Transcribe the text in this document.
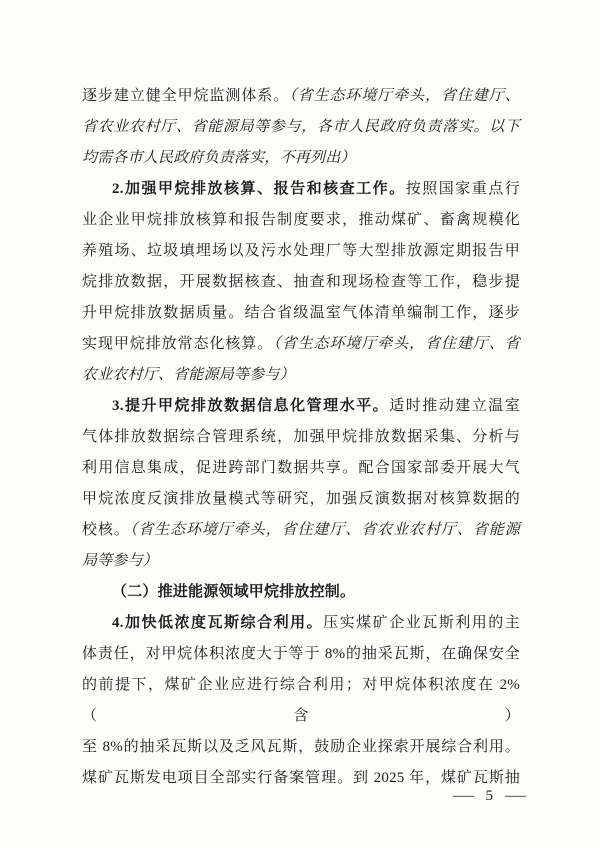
逐步建立健全甲烷监测体系。（省生态环境厅牵头，省住建厅、
省农业农村厅、省能源局等参与，各市人民政府负责落实。以下
均需各市人民政府负责落实，不再列出）
2.加强甲烷排放核算、报告和核查工作。按照国家重点行
业企业甲烷排放核算和报告制度要求，推动煤矿、畜禽规模化
养殖场、垃圾填埋场以及污水处理厂等大型排放源定期报告甲
烷排放数据，开展数据核查、抽查和现场检查等工作，稳步提
升甲烷排放数据质量。结合省级温室气体清单编制工作，逐步
实现甲烷排放常态化核算。（省生态环境厅牵头，省住建厅、省
农业农村厅、省能源局等参与）
3.提升甲烷排放数据信息化管理水平。适时推动建立温室
气体排放数据综合管理系统，加强甲烷排放数据采集、分析与
利用信息集成，促进跨部门数据共享。配合国家部委开展大气
甲烷浓度反演排放量模式等研究，加强反演数据对核算数据的
校核。（省生态环境厅牵头，省住建厅、省农业农村厅、省能源
局等参与）
（二）推进能源领域甲烷排放控制。
4.加快低浓度瓦斯综合利用。压实煤矿企业瓦斯利用的主
体责任，对甲烷体积浓度大于等于 8%的抽采瓦斯，在确保安全
的前提下，煤矿企业应进行综合利用；对甲烷体积浓度在 2%（含）
至 8%的抽采瓦斯以及乏风瓦斯，鼓励企业探索开展综合利用。
煤矿瓦斯发电项目全部实行备案管理。到 2025 年，煤矿瓦斯抽
— 5 —
